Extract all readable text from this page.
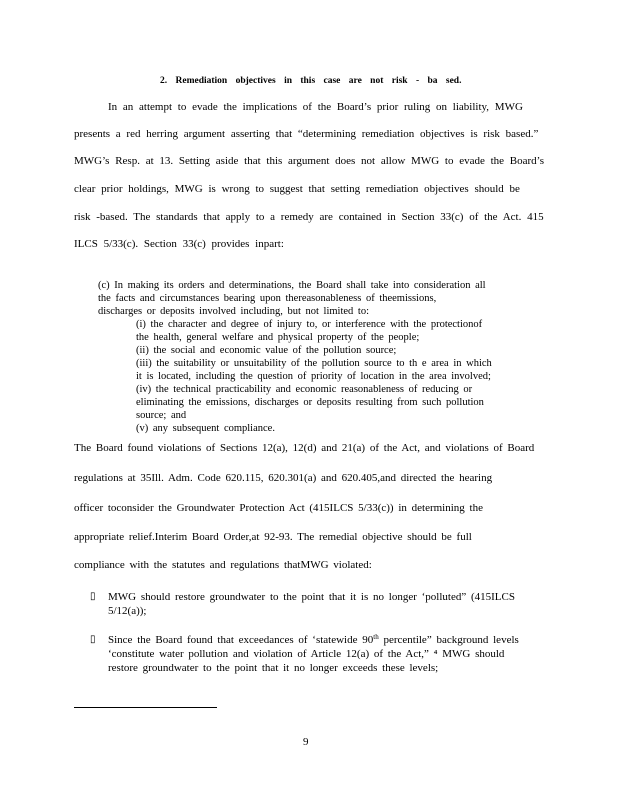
2. Remediation objectives in this case are not risk - ba sed.
In an attempt to evade the implications of the Board’s prior ruling on liability, MWG
presents a red herring argument asserting that “determining remediation objectives is risk based.”
MWG’s Resp. at 13. Setting aside that this argument does not allow MWG to evade the Board’s
clear prior holdings, MWG is wrong to suggest that setting remediation objectives should be
risk -based. The standards that apply to a remedy are contained in Section 33(c) of the Act. 415
ILCS 5/33(c). Section 33(c) provides inpart:
(c) In making its orders and determinations, the Board shall take into consideration all
the facts and circumstances bearing upon thereasonableness of theemissions,
discharges or deposits involved including, but not limited to:
(i) the character and degree of injury to, or interference with the protectionof
the health, general welfare and physical property of the people;
(ii) the social and economic value of the pollution source;
(iii) the suitability or unsuitability of the pollution source to th e area in which
it is located, including the question of priority of location in the area involved;
(iv) the technical practicability and economic reasonableness of reducing or
eliminating the emissions, discharges or deposits resulting from such pollution
source; and
(v) any subsequent compliance.
The Board found violations of Sections 12(a), 12(d) and 21(a) of the Act, and violations of Board
regulations at 35Ill. Adm. Code 620.115, 620.301(a) and 620.405,and directed the hearing
officer toconsider the Groundwater Protection Act (415ILCS 5/33(c)) in determining the
appropriate relief.Interim Board Order,at 92-93. The remedial objective should be full
compliance with the statutes and regulations thatMWG violated:
▯ MWG should restore groundwater to the point that it is no longer ‘polluted” (415ILCS
5/12(a));
▯ Since the Board found that exceedances of ‘statewide 90th percentile” background levels
‘constitute water pollution and violation of Article 12(a) of the Act,” ⁴ MWG should
restore groundwater to the point that it no longer exceeds these levels;
9
